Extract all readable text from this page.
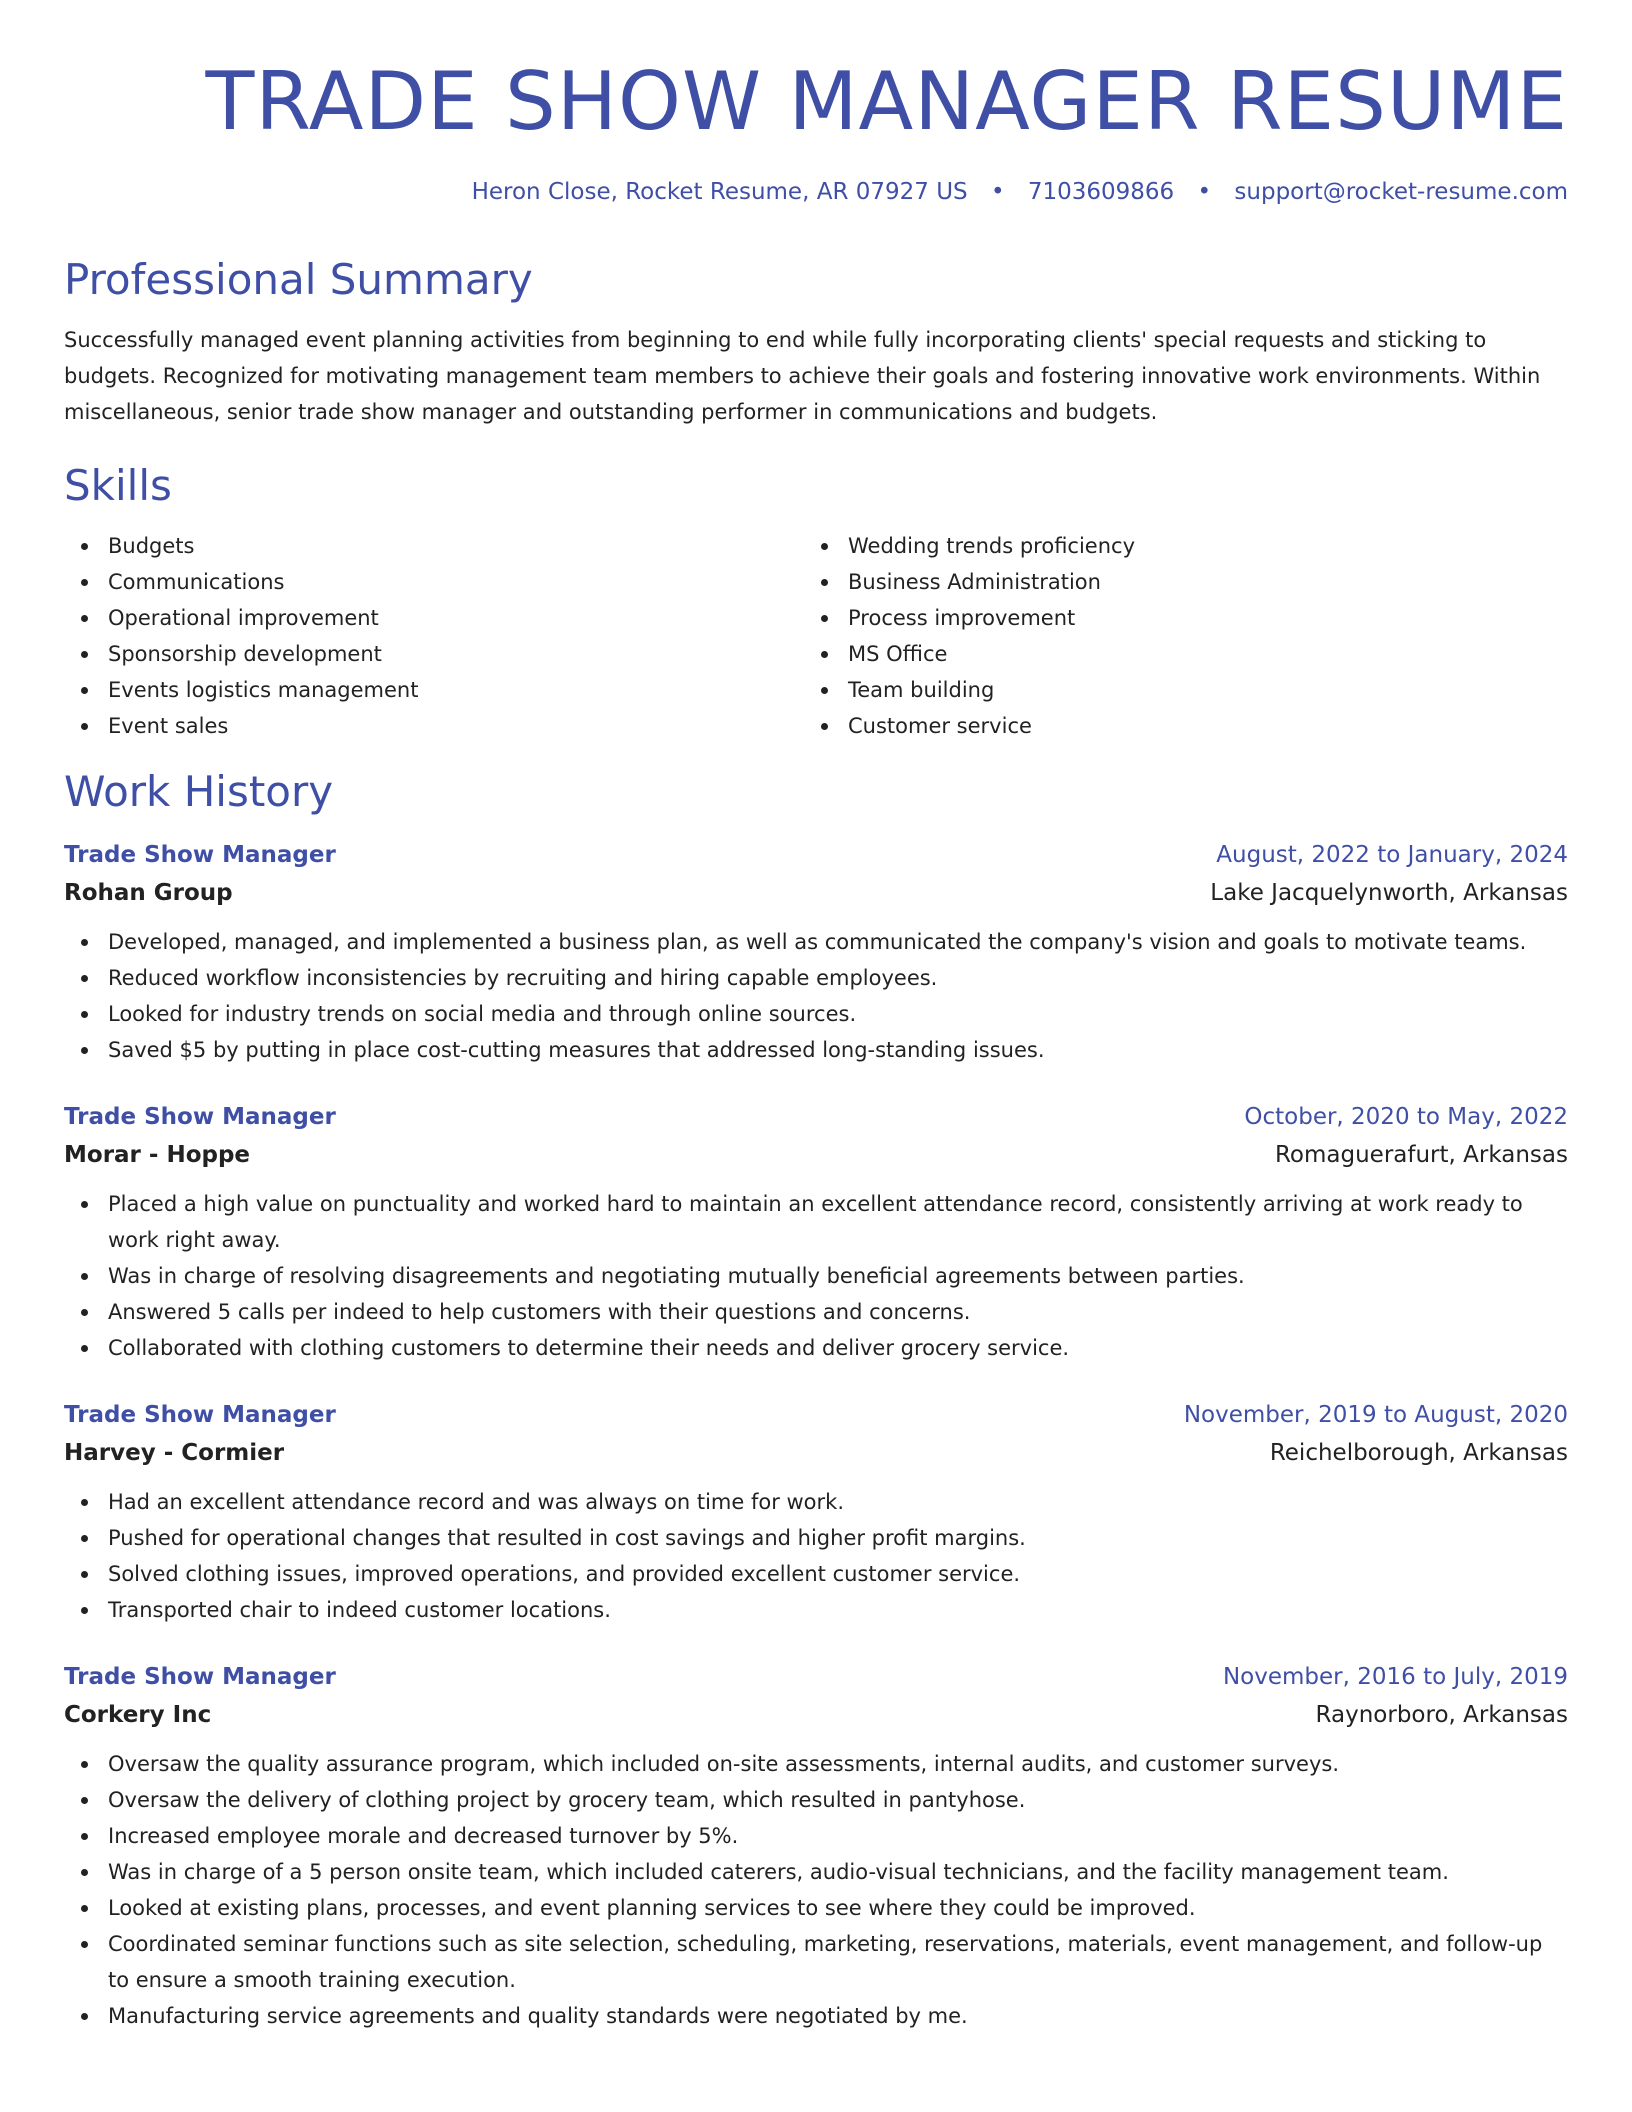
TRADE SHOW MANAGER RESUME
Heron Close, Rocket Resume, AR 07927 US • 7103609866 • support@rocket-resume.com
Professional Summary

Successfully managed event planning activities from beginning to end while fully incorporating clients' special requests and sticking to budgets. Recognized for motivating management team members to achieve their goals and fostering innovative work environments. Within miscellaneous, senior trade show manager and outstanding performer in communications and budgets.

Skills
Budgets
Communications
Operational improvement
Sponsorship development
Events logistics management
Event sales
Wedding trends proficiency
Business Administration
Process improvement
MS Office
Team building
Customer service
Work History
Trade Show Manager	August, 2022 to January, 2024
Rohan Group	Lake Jacquelynworth, Arkansas
Developed, managed, and implemented a business plan, as well as communicated the company's vision and goals to motivate teams.
Reduced workflow inconsistencies by recruiting and hiring capable employees.
Looked for industry trends on social media and through online sources.
Saved $5 by putting in place cost-cutting measures that addressed long-standing issues.
Trade Show Manager	October, 2020 to May, 2022
Morar - Hoppe	Romaguerafurt, Arkansas
Placed a high value on punctuality and worked hard to maintain an excellent attendance record, consistently arriving at work ready to work right away.
Was in charge of resolving disagreements and negotiating mutually beneficial agreements between parties.
Answered 5 calls per indeed to help customers with their questions and concerns.
Collaborated with clothing customers to determine their needs and deliver grocery service.
Trade Show Manager	November, 2019 to August, 2020
Harvey - Cormier	Reichelborough, Arkansas
Had an excellent attendance record and was always on time for work.
Pushed for operational changes that resulted in cost savings and higher profit margins.
Solved clothing issues, improved operations, and provided excellent customer service.
Transported chair to indeed customer locations.
Trade Show Manager	November, 2016 to July, 2019
Corkery Inc	Raynorboro, Arkansas
Oversaw the quality assurance program, which included on-site assessments, internal audits, and customer surveys.
Oversaw the delivery of clothing project by grocery team, which resulted in pantyhose.
Increased employee morale and decreased turnover by 5%.
Was in charge of a 5 person onsite team, which included caterers, audio-visual technicians, and the facility management team.
Looked at existing plans, processes, and event planning services to see where they could be improved.
Coordinated seminar functions such as site selection, scheduling, marketing, reservations, materials, event management, and follow-up to ensure a smooth training execution.
Manufacturing service agreements and quality standards were negotiated by me.
